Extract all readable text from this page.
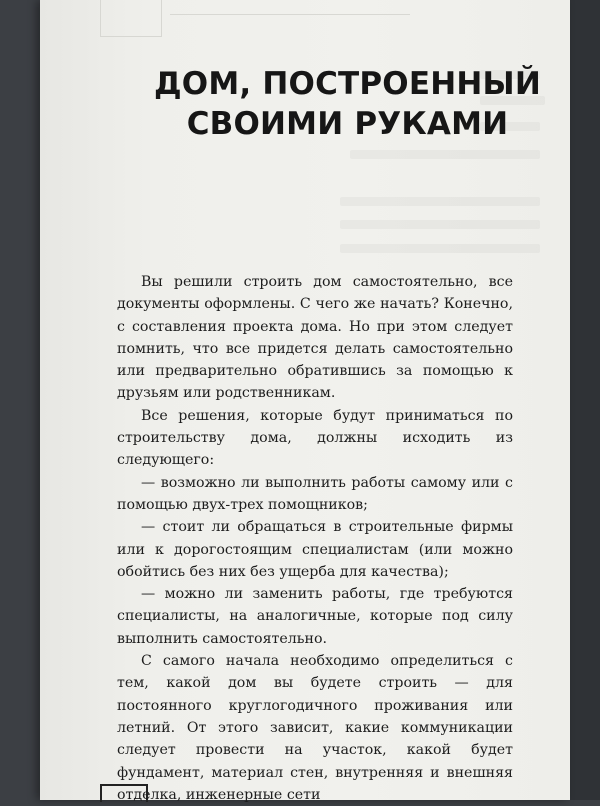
ДОМ, ПОСТРОЕННЫЙ
СВОИМИ РУКАМИ

Вы решили строить дом самостоятельно, все документы оформлены. С чего же начать? Конечно, с составления проекта дома. Но при этом следует помнить, что все придется делать самостоятельно или предварительно обратившись за помощью к друзьям или родственникам.

Все решения, которые будут приниматься по строительству дома, должны исходить из следующего:

— возможно ли выполнить работы самому или с помощью двух-трех помощников;

— стоит ли обращаться в строительные фирмы или к дорогостоящим специалистам (или можно обойтись без них без ущерба для качества);

— можно ли заменить работы, где требуются специалисты, на аналогичные, которые под силу выполнить самостоятельно.

С самого начала необходимо определиться с тем, какой дом вы будете строить — для постоянного круглогодичного проживания или летний. От этого зависит, какие коммуникации следует провести на участок, какой будет фундамент, материал стен, внутренняя и внешняя отделка, инженерные сети
